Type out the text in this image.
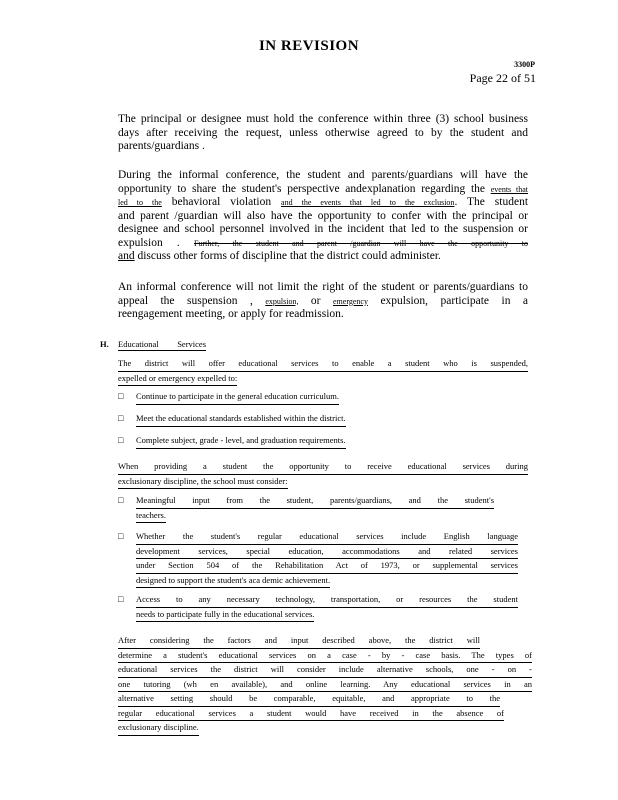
IN REVISION
3300P
Page 22 of 51
The principal or designee must hold the conference within three (3) school business
days after receiving the request, unless otherwise agreed to by the student and
parents/guardians .
During the informal conference, the student and parents/guardians will have the
opportunity to share the student's perspective andexplanation regarding the events that
led to the behavioral violation and the events that led to the exclusion. The student
and parent /guardian will also have the opportunity to confer with the principal or
designee and school personnel involved in the incident that led to the suspension or
expulsion . Further, the student and parent /guardian will have the opportunity to
and discuss other forms of discipline that the district could administer.
An informal conference will not limit the right of the student or parents/guardians to
appeal the suspension , expulsion, or emergency expulsion, participate in a
reengagement meeting, or apply for readmission.
H. Educational Services
The district will offer educational services to enable a student who is suspended,
expelled or emergency expelled to:
□ Continue to participate in the general education curriculum.
□ Meet the educational standards established within the district.
□ Complete subject, grade - level, and graduation requirements.
When providing a student the opportunity to receive educational services during
exclusionary discipline, the school must consider:
□ Meaningful input from the student, parents/guardians, and the student's
teachers.
□ Whether the student's regular educational services include English language
development services, special education, accommodations and related services
under Section 504 of the Rehabilitation Act of 1973, or supplemental services
designed to support the student's aca demic achievement.
□ Access to any necessary technology, transportation, or resources the student
needs to participate fully in the educational services.
After considering the factors and input described above, the district will
determine a student's educational services on a case - by - case basis. The types of
educational services the district will consider include alternative schools, one - on -
one tutoring (wh en available), and online learning. Any educational services in an
alternative setting should be comparable, equitable, and appropriate to the
regular educational services a student would have received in the absence of
exclusionary discipline.
